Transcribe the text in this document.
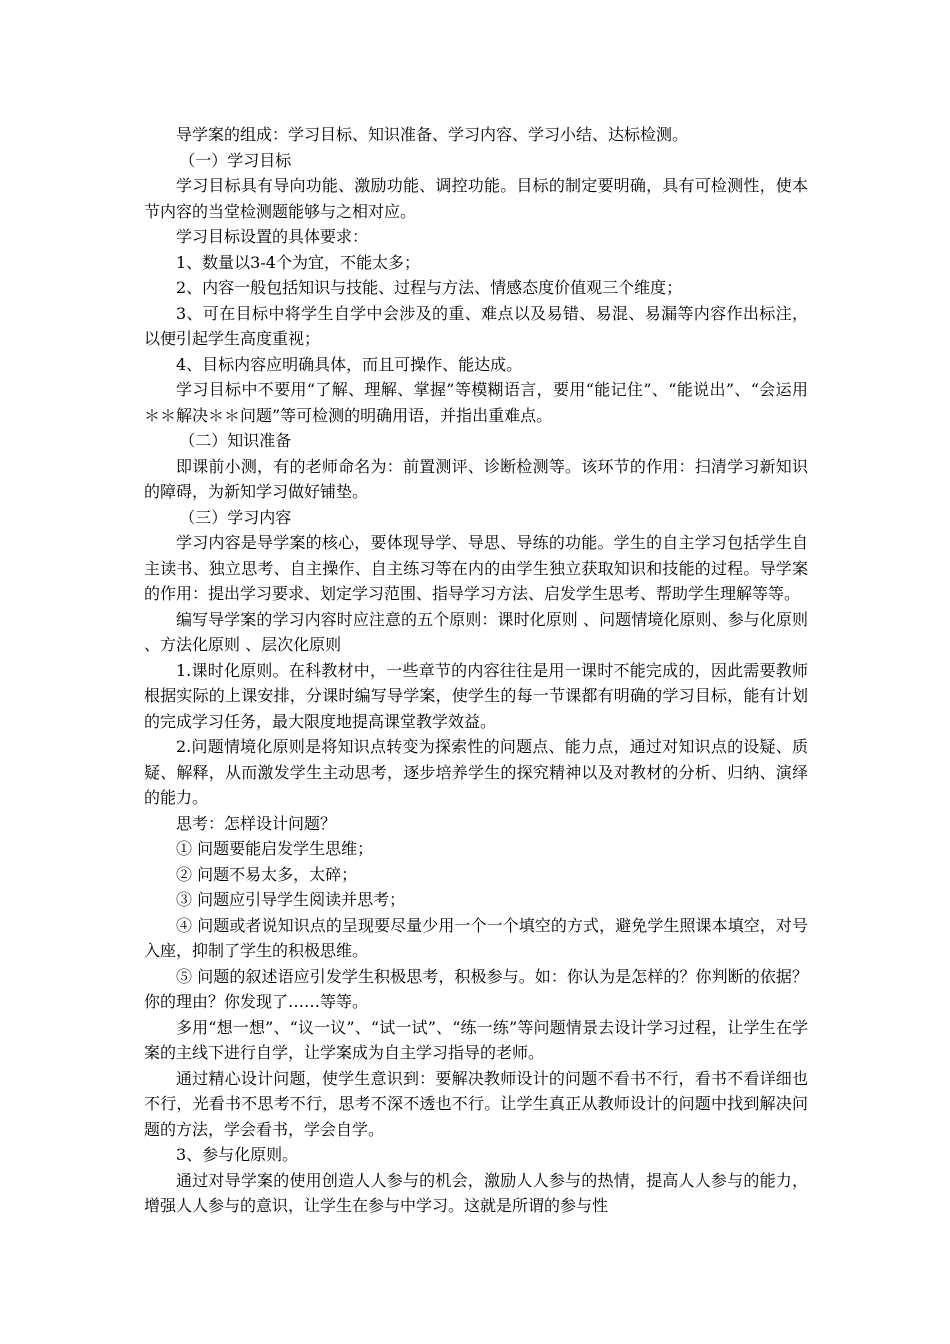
导学案的组成：学习目标、知识准备、学习内容、学习小结、达标检测。

（一）学习目标

学习目标具有导向功能、激励功能、调控功能。目标的制定要明确，具有可检测性，使本节内容的当堂检测题能够与之相对应。

学习目标设置的具体要求：

1、数量以3-4个为宜，不能太多；

2、内容一般包括知识与技能、过程与方法、情感态度价值观三个维度；

3、可在目标中将学生自学中会涉及的重、难点以及易错、易混、易漏等内容作出标注，以便引起学生高度重视；

4、目标内容应明确具体，而且可操作、能达成。

学习目标中不要用“了解、理解、掌握”等模糊语言，要用“能记住”、“能说出”、“会运用＊＊解决＊＊问题”等可检测的明确用语，并指出重难点。

（二）知识准备

即课前小测，有的老师命名为：前置测评、诊断检测等。该环节的作用：扫清学习新知识的障碍，为新知学习做好铺垫。

（三）学习内容

学习内容是导学案的核心，要体现导学、导思、导练的功能。学生的自主学习包括学生自主读书、独立思考、自主操作、自主练习等在内的由学生独立获取知识和技能的过程。导学案的作用：提出学习要求、划定学习范围、指导学习方法、启发学生思考、帮助学生理解等等。

编写导学案的学习内容时应注意的五个原则：课时化原则 、问题情境化原则、参与化原则 、方法化原则 、层次化原则

1.课时化原则。在科教材中，一些章节的内容往往是用一课时不能完成的，因此需要教师根据实际的上课安排，分课时编写导学案，使学生的每一节课都有明确的学习目标，能有计划的完成学习任务，最大限度地提高课堂教学效益。

2.问题情境化原则是将知识点转变为探索性的问题点、能力点，通过对知识点的设疑、质疑、解释，从而激发学生主动思考，逐步培养学生的探究精神以及对教材的分析、归纳、演绎的能力。

思考：怎样设计问题？

① 问题要能启发学生思维；

② 问题不易太多，太碎；

③ 问题应引导学生阅读并思考；

④ 问题或者说知识点的呈现要尽量少用一个一个填空的方式，避免学生照课本填空，对号入座，抑制了学生的积极思维。

⑤ 问题的叙述语应引发学生积极思考，积极参与。如：你认为是怎样的？你判断的依据？你的理由？你发现了……等等。

多用“想一想”、“议一议”、“试一试”、“练一练”等问题情景去设计学习过程，让学生在学案的主线下进行自学，让学案成为自主学习指导的老师。

通过精心设计问题，使学生意识到：要解决教师设计的问题不看书不行，看书不看详细也不行，光看书不思考不行，思考不深不透也不行。让学生真正从教师设计的问题中找到解决问题的方法，学会看书，学会自学。

3、参与化原则。

通过对导学案的使用创造人人参与的机会，激励人人参与的热情，提高人人参与的能力，增强人人参与的意识，让学生在参与中学习。这就是所谓的参与性
